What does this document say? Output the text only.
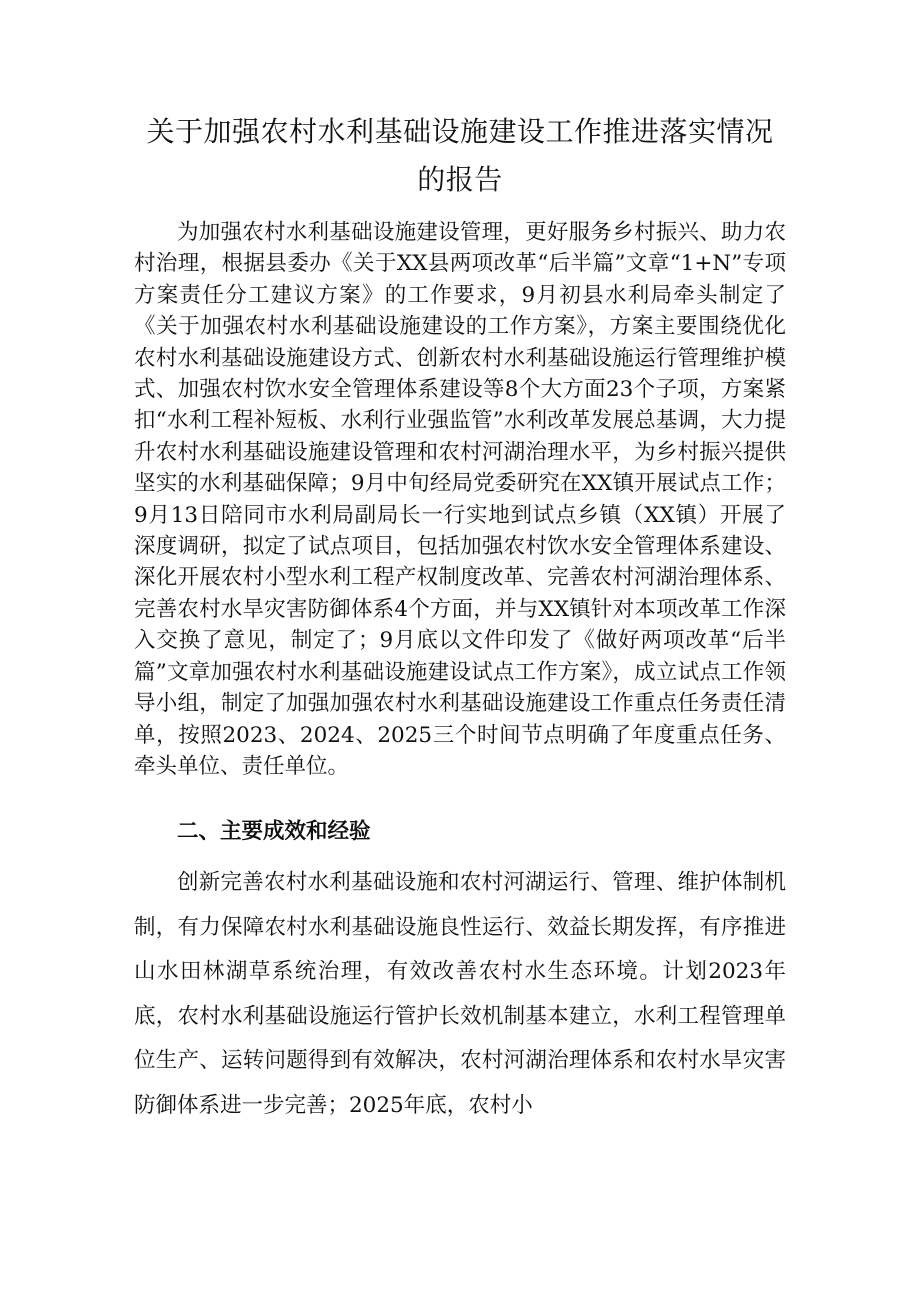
关于加强农村水利基础设施建设工作推进落实情况的报告

为加强农村水利基础设施建设管理，更好服务乡村振兴、助力农村治理，根据县委办《关于XX县两项改革“后半篇”文章“1+N”专项方案责任分工建议方案》的工作要求，9月初县水利局牵头制定了《关于加强农村水利基础设施建设的工作方案》，方案主要围绕优化农村水利基础设施建设方式、创新农村水利基础设施运行管理维护模式、加强农村饮水安全管理体系建设等8个大方面23个子项，方案紧扣“水利工程补短板、水利行业强监管”水利改革发展总基调，大力提升农村水利基础设施建设管理和农村河湖治理水平，为乡村振兴提供坚实的水利基础保障；9月中旬经局党委研究在XX镇开展试点工作；9月13日陪同市水利局副局长一行实地到试点乡镇（XX镇）开展了深度调研，拟定了试点项目，包括加强农村饮水安全管理体系建设、深化开展农村小型水利工程产权制度改革、完善农村河湖治理体系、完善农村水旱灾害防御体系4个方面，并与XX镇针对本项改革工作深入交换了意见，制定了；9月底以文件印发了《做好两项改革“后半篇”文章加强农村水利基础设施建设试点工作方案》，成立试点工作领导小组，制定了加强加强农村水利基础设施建设工作重点任务责任清单，按照2023、2024、2025三个时间节点明确了年度重点任务、牵头单位、责任单位。

二、主要成效和经验

创新完善农村水利基础设施和农村河湖运行、管理、维护体制机制，有力保障农村水利基础设施良性运行、效益长期发挥，有序推进山水田林湖草系统治理，有效改善农村水生态环境。计划2023年底，农村水利基础设施运行管护长效机制基本建立，水利工程管理单位生产、运转问题得到有效解决，农村河湖治理体系和农村水旱灾害防御体系进一步完善；2025年底，农村小
